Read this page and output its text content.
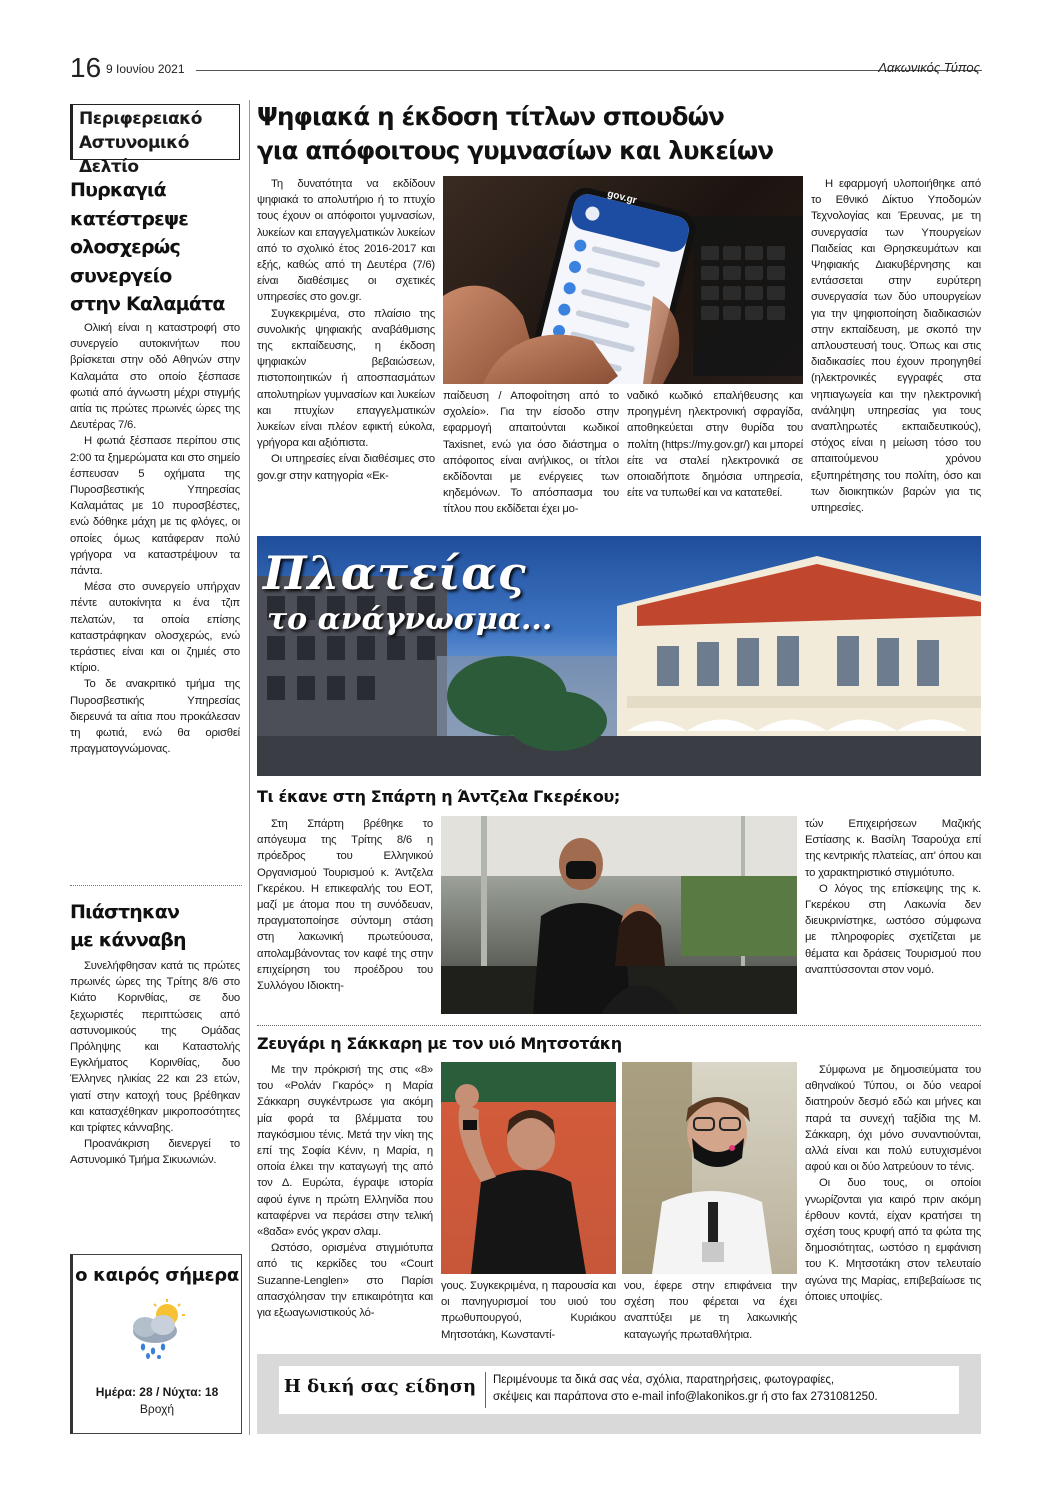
16 9 Ιουνίου 2021	Λακωνικός Τύπος
Περιφερειακό
Αστυνομικό Δελτίο
Πυρκαγιά
κατέστρεψε
ολοσχερώς
συνεργείο
στην Καλαμάτα

Ολική είναι η καταστροφή στο συνεργείο αυτοκινήτων που βρίσκεται στην οδό Αθηνών στην Καλαμάτα στο οποίο ξέσπασε φωτιά από άγνωστη μέχρι στιγμής αιτία τις πρώτες πρωινές ώρες της Δευτέρας 7/6.

Η φωτιά ξέσπασε περίπου στις 2:00 τα ξημερώματα και στο σημείο έσπευσαν 5 οχήματα της Πυροσβεστικής Υπηρεσίας Καλαμάτας με 10 πυροσβέστες, ενώ δόθηκε μάχη με τις φλόγες, οι οποίες όμως κατάφεραν πολύ γρήγορα να καταστρέψουν τα πάντα.

Μέσα στο συνεργείο υπήρχαν πέντε αυτοκίνητα κι ένα τζιπ πελατών, τα οποία επίσης καταστράφηκαν ολοσχερώς, ενώ τεράστιες είναι και οι ζημιές στο κτίριο.

Το δε ανακριτικό τμήμα της Πυροσβεστικής Υπηρεσίας διερευνά τα αίτια που προκάλεσαν τη φωτιά, ενώ θα ορισθεί πραγματογνώμονας.

Πιάστηκαν
με κάνναβη

Συνελήφθησαν κατά τις πρώτες πρωινές ώρες της Τρίτης 8/6 στο Κιάτο Κορινθίας, σε δυο ξεχωριστές περιπτώσεις από αστυνομικούς της Ομάδας Πρόληψης και Καταστολής Εγκλήματος Κορινθίας, δυο Έλληνες ηλικίας 22 και 23 ετών, γιατί στην κατοχή τους βρέθηκαν και κατασχέθηκαν μικροποσότητες και τρίφτες κάνναβης.

Προανάκριση διενεργεί το Αστυνομικό Τμήμα Σικυωνιών.

ο καιρός σήμερα
Ημέρα: 28 / Νύχτα: 18
Βροχή
Ψηφιακά η έκδοση τίτλων σπουδών
για απόφοιτους γυμνασίων και λυκείων

Τη δυνατότητα να εκδίδουν ψηφιακά το απολυτήριο ή το πτυχίο τους έχουν οι απόφοιτοι γυμνασίων, λυκείων και επαγγελματικών λυκείων από το σχολικό έτος 2016-2017 και εξής, καθώς από τη Δευτέρα (7/6) είναι διαθέσιμες οι σχετικές υπηρεσίες στο gov.gr.

Συγκεκριμένα, στο πλαίσιο της συνολικής ψηφιακής αναβάθμισης της εκπαίδευσης, η έκδοση ψηφιακών βεβαιώσεων, πιστοποιητικών ή αποσπασμάτων απολυτηρίων γυμνασίων και λυκείων και πτυχίων επαγγελματικών λυκείων είναι πλέον εφικτή εύκολα, γρήγορα και αξιόπιστα.

Οι υπηρεσίες είναι διαθέσιμες στο gov.gr στην κατηγορία «Εκ-

gov.gr

παίδευση / Αποφοίτηση από το σχολείο». Για την είσοδο στην εφαρμογή απαιτούνται κωδικοί Taxisnet, ενώ για όσο διάστημα ο απόφοιτος είναι ανήλικος, οι τίτλοι εκδίδονται με ενέργειες των κηδεμόνων. Το απόσπασμα του τίτλου που εκδίδεται έχει μο-

ναδικό κωδικό επαλήθευσης και προηγμένη ηλεκτρονική σφραγίδα, αποθηκεύεται στην θυρίδα του πολίτη (https://my.gov.gr/) και μπορεί είτε να σταλεί ηλεκτρονικά σε οποιαδήποτε δημόσια υπηρεσία, είτε να τυπωθεί και να κατατεθεί.

Η εφαρμογή υλοποιήθηκε από το Εθνικό Δίκτυο Υποδομών Τεχνολογίας και Έρευνας, με τη συνεργασία των Υπουργείων Παιδείας και Θρησκευμάτων και Ψηφιακής Διακυβέρνησης και εντάσσεται στην ευρύτερη συνεργασία των δύο υπουργείων για την ψηφιοποίηση διαδικασιών στην εκπαίδευση, με σκοπό την απλουστευσή τους. Όπως και στις διαδικασίες που έχουν προηγηθεί (ηλεκτρονικές εγγραφές στα νηπιαγωγεία και την ηλεκτρονική ανάληψη υπηρεσίας για τους αναπληρωτές εκπαιδευτικούς), στόχος είναι η μείωση τόσο του απαιτούμενου χρόνου εξυπηρέτησης του πολίτη, όσο και των διοικητικών βαρών για τις υπηρεσίες.

Πλατείας
το ανάγνωσμα...
Τι έκανε στη Σπάρτη η Άντζελα Γκερέκου;

Στη Σπάρτη βρέθηκε το απόγευμα της Τρίτης 8/6 η πρόεδρος του Ελληνικού Οργανισμού Τουρισμού κ. Άντζελα Γκερέκου. Η επικεφαλής του ΕΟΤ, μαζί με άτομα που τη συνόδευαν, πραγματοποίησε σύντομη στάση στη λακωνική πρωτεύουσα, απολαμβάνοντας τον καφέ της στην επιχείρηση του προέδρου του Συλλόγου Ιδιοκτη-

τών Επιχειρήσεων Μαζικής Εστίασης κ. Βασίλη Τσαρούχα επί της κεντρικής πλατείας, απ' όπου και το χαρακτηριστικό στιγμιότυπο.

Ο λόγος της επίσκεψης της κ. Γκερέκου στη Λακωνία δεν διευκρινίστηκε, ωστόσο σύμφωνα με πληροφορίες σχετίζεται με θέματα και δράσεις Τουρισμού που αναπτύσσονται στον νομό.

Ζευγάρι η Σάκκαρη με τον υιό Μητσοτάκη

Με την πρόκρισή της στις «8» του «Ρολάν Γκαρός» η Μαρία Σάκκαρη συγκέντρωσε για ακόμη μία φορά τα βλέμματα του παγκόσμιου τένις. Μετά την νίκη της επί της Σοφία Κένιν, η Μαρία, η οποία έλκει την καταγωγή της από τον Δ. Ευρώτα, έγραψε ιστορία αφού έγινε η πρώτη Ελληνίδα που καταφέρνει να περάσει στην τελική «8αδα» ενός γκραν σλαμ.

Ωστόσο, ορισμένα στιγμιότυπα από τις κερκίδες του «Court Suzanne-Lenglen» στο Παρίσι απασχόλησαν την επικαιρότητα και για εξωαγωνιστικούς λό-

γους. Συγκεκριμένα, η παρουσία και οι πανηγυρισμοί του υιού του πρωθυπουργού, Κυριάκου Μητσοτάκη, Κωνσταντί-

νου, έφερε στην επιφάνεια την σχέση που φέρεται να έχει αναπτύξει με τη λακωνικής καταγωγής πρωταθλήτρια.

Σύμφωνα με δημοσιεύματα του αθηναϊκού Τύπου, οι δύο νεαροί διατηρούν δεσμό εδώ και μήνες και παρά τα συνεχή ταξίδια της Μ. Σάκκαρη, όχι μόνο συναντιούνται, αλλά είναι και πολύ ευτυχισμένοι αφού και οι δύο λατρεύουν το τένις.

Οι δυο τους, οι οποίοι γνωρίζονται για καιρό πριν ακόμη έρθουν κοντά, είχαν κρατήσει τη σχέση τους κρυφή από τα φώτα της δημοσιότητας, ωστόσο η εμφάνιση του Κ. Μητσοτάκη στον τελευταίο αγώνα της Μαρίας, επιβεβαίωσε τις όποιες υποψίες.

Η δική σας είδηση	Περιμένουμε τα δικά σας νέα, σχόλια, παρατηρήσεις, φωτογραφίες,
σκέψεις και παράπονα στο e-mail info@lakonikos.gr ή στο fax 2731081250.
